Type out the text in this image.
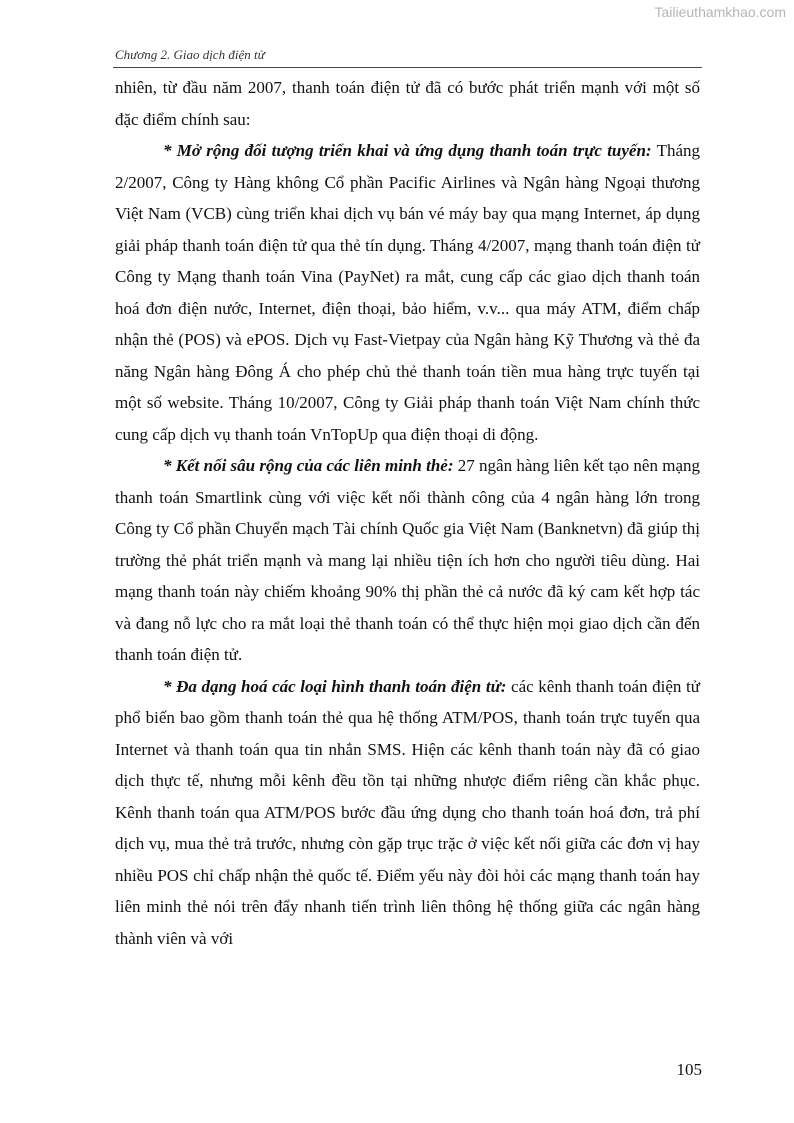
Tailieuthamkhao.com
Chương 2. Giao dịch điện tử

nhiên, từ đầu năm 2007, thanh toán điện tử đã có bước phát triển mạnh với một số đặc điểm chính sau:

* Mở rộng đối tượng triển khai và ứng dụng thanh toán trực tuyến: Tháng 2/2007, Công ty Hàng không Cổ phần Pacific Airlines và Ngân hàng Ngoại thương Việt Nam (VCB) cùng triển khai dịch vụ bán vé máy bay qua mạng Internet, áp dụng giải pháp thanh toán điện tử qua thẻ tín dụng. Tháng 4/2007, mạng thanh toán điện tử Công ty Mạng thanh toán Vina (PayNet) ra mắt, cung cấp các giao dịch thanh toán hoá đơn điện nước, Internet, điện thoại, bảo hiểm, v.v... qua máy ATM, điểm chấp nhận thẻ (POS) và ePOS. Dịch vụ Fast-Vietpay của Ngân hàng Kỹ Thương và thẻ đa năng Ngân hàng Đông Á cho phép chủ thẻ thanh toán tiền mua hàng trực tuyến tại một số website. Tháng 10/2007, Công ty Giải pháp thanh toán Việt Nam chính thức cung cấp dịch vụ thanh toán VnTopUp qua điện thoại di động.

* Kết nối sâu rộng của các liên minh thẻ: 27 ngân hàng liên kết tạo nên mạng thanh toán Smartlink cùng với việc kết nối thành công của 4 ngân hàng lớn trong Công ty Cổ phần Chuyển mạch Tài chính Quốc gia Việt Nam (Banknetvn) đã giúp thị trường thẻ phát triển mạnh và mang lại nhiều tiện ích hơn cho người tiêu dùng. Hai mạng thanh toán này chiếm khoảng 90% thị phần thẻ cả nước đã ký cam kết hợp tác và đang nỗ lực cho ra mắt loại thẻ thanh toán có thể thực hiện mọi giao dịch cần đến thanh toán điện tử.

* Đa dạng hoá các loại hình thanh toán điện tử: các kênh thanh toán điện tử phổ biến bao gồm thanh toán thẻ qua hệ thống ATM/POS, thanh toán trực tuyến qua Internet và thanh toán qua tin nhắn SMS. Hiện các kênh thanh toán này đã có giao dịch thực tế, nhưng mỗi kênh đều tồn tại những nhược điểm riêng cần khắc phục. Kênh thanh toán qua ATM/POS bước đầu ứng dụng cho thanh toán hoá đơn, trả phí dịch vụ, mua thẻ trả trước, nhưng còn gặp trục trặc ở việc kết nối giữa các đơn vị hay nhiều POS chỉ chấp nhận thẻ quốc tế. Điểm yếu này đòi hỏi các mạng thanh toán hay liên minh thẻ nói trên đẩy nhanh tiến trình liên thông hệ thống giữa các ngân hàng thành viên và với

105
